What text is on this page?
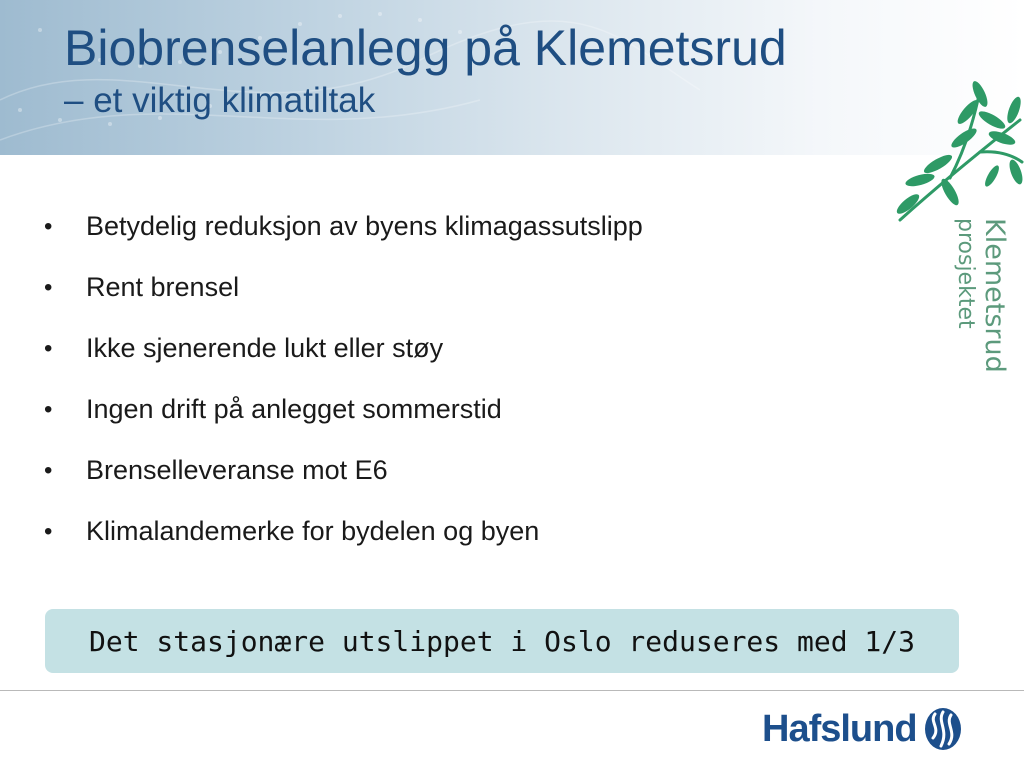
Biobrenselanlegg på Klemetsrud
– et viktig klimatiltak
Klemetsrud
prosjektet
• Betydelig reduksjon av byens klimagassutslipp
• Rent brensel
• Ikke sjenerende lukt eller støy
• Ingen drift på anlegget sommerstid
• Brenselleveranse mot E6
• Klimalandemerke for bydelen og byen
Det stasjonære utslippet i Oslo reduseres med 1/3
Hafslund
